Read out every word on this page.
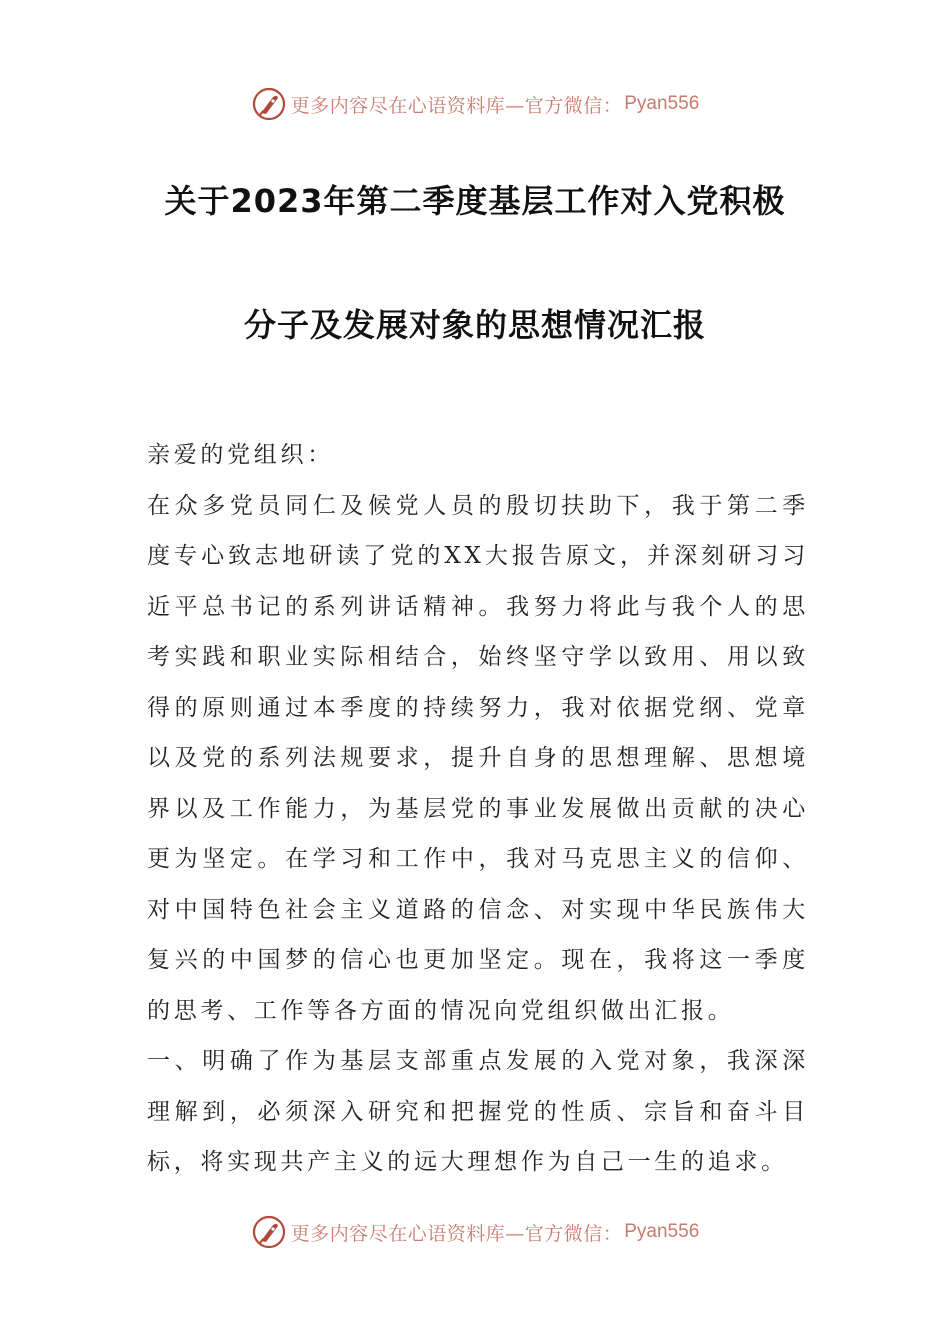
更多内容尽在心语资料库—官方微信： Pyan556
关于2023年第二季度基层工作对入党积极
分子及发展对象的思想情况汇报

亲爱的党组织：

在众多党员同仁及候党人员的殷切扶助下，我于第二季度专心致志地研读了党的XX大报告原文，并深刻研习习近平总书记的系列讲话精神。我努力将此与我个人的思考实践和职业实际相结合，始终坚守学以致用、用以致得的原则通过本季度的持续努力，我对依据党纲、党章以及党的系列法规要求，提升自身的思想理解、思想境界以及工作能力，为基层党的事业发展做出贡献的决心更为坚定。在学习和工作中，我对马克思主义的信仰、对中国特色社会主义道路的信念、对实现中华民族伟大复兴的中国梦的信心也更加坚定。现在，我将这一季度的思考、工作等各方面的情况向党组织做出汇报。

一、明确了作为基层支部重点发展的入党对象，我深深理解到，必须深入研究和把握党的性质、宗旨和奋斗目标，将实现共产主义的远大理想作为自己一生的追求。

更多内容尽在心语资料库—官方微信： Pyan556
